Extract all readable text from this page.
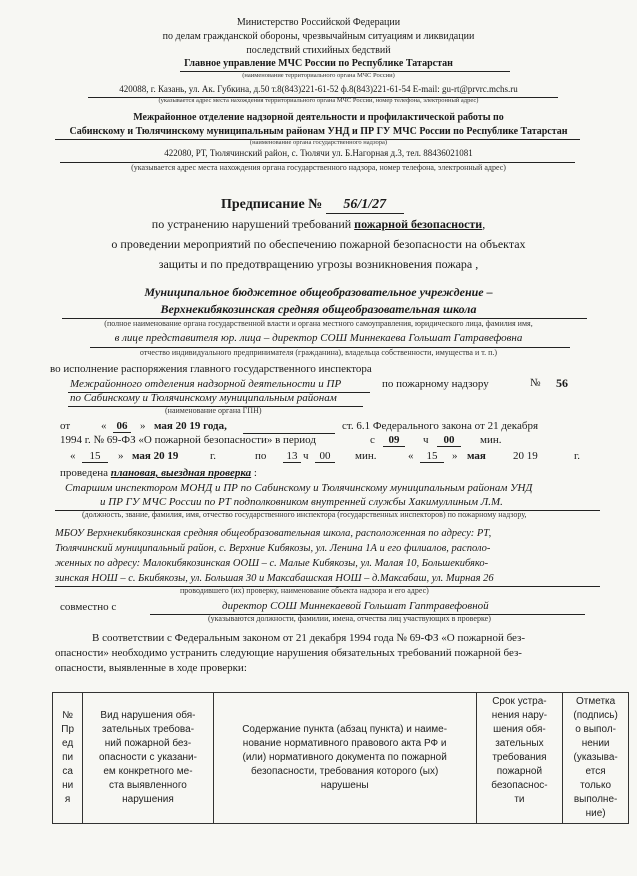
Министерство Российской Федерации
по делам гражданской обороны, чрезвычайным ситуациям и ликвидации
последствий стихийных бедствий
Главное управление МЧС России по Республике Татарстан
(наименование территориального органа МЧС России)
420088, г. Казань, ул. Ак. Губкина, д.50 т.8(843)221-61-52 ф.8(843)221-61-54 E-mail: gu-rt@prvrc.mchs.ru
(указывается адрес места нахождения территориального органа МЧС России, номер телефона, электронный адрес)
Межрайонное отделение надзорной деятельности и профилактической работы по
Сабинскому и Тюлячинскому муниципальным районам УНД и ПР ГУ МЧС России по Республике Татарстан
(наименование органа государственного надзора)
422080, РТ, Тюлячинский район, с. Тюлячи ул. Б.Нагорная д.3, тел. 88436021081
(указывается адрес места нахождения органа государственного надзора, номер телефона, электронный адрес)
Предписание № 56/1/27
по устранению нарушений требований пожарной безопасности,
о проведении мероприятий по обеспечению пожарной безопасности на объектах
защиты и по предотвращению угрозы возникновения пожара ,
Муниципальное бюджетное общеобразовательное учреждение –
Верхнекибякозинская средняя общеобразовательная школа
(полное наименование органа государственной власти и органа местного самоуправления, юридического лица, фамилия имя,
в лице представителя юр. лица – директор СОШ Миннекаева Гольшат Гатравефовна
отчество индивидуального предпринимателя (гражданина), владельца собственности, имущества и т. п.)
во исполнение распоряжения главного государственного инспектора
Межрайонного отделения надзорной деятельности и ПР	по пожарному надзору	№ 56
по Сабинскому и Тюлячинскому муниципальным районам
(наименование органа ГПН)
от	« 06	» мая 20 19 года,	ст. 6.1 Федерального закона от 21 декабря
1994 г. № 69-ФЗ «О пожарной безопасности» в период	с	09	ч	00	мин.
«	15	» мая 20 19	г.	по	13 ч 00	мин.	«	15	» мая 20 19	г.
проведена плановая, выездная проверка :
Старшим инспектором МОНД и ПР по Сабинскому и Тюлячинскому муниципальным районам УНД
и ПР ГУ МЧС России по РТ подполковником внутренней службы Хакимуллиным Л.М.
(должность, звание, фамилия, имя, отчество государственного инспектора (государственных инспекторов) по пожарному надзору,
МБОУ Верхнекибякозинская средняя общеобразовательная школа, расположенная по адресу: РТ,
Тюлячинский муниципальный район, с. Верхние Кибякозы, ул. Ленина 1А и его филиалов, располо-
женных по адресу: Малокибякозинская ООШ – с. Малые Кибякозы, ул. Малая 10, Большекибяко-
зинская НОШ – с. Бкибякозы, ул. Большая 30 и Максабашская НОШ – д.Максабаш, ул. Мирная 26
проводившего (их) проверку, наименование объекта надзора и его адрес)
совместно с	директор СОШ Миннекаевой Гольшат Гаптравефовной
(указываются должности, фамилии, имена, отчества лиц участвующих в проверке)
В соответствии с Федеральным законом от 21 декабря 1994 года № 69-ФЗ «О пожарной без-
опасности» необходимо устранить следующие нарушения обязательных требований пожарной без-
опасности, выявленные в ходе проверки:
№
Пр
ед
пи
са
ни
я

Вид нарушения обя-
зательных требова-
ний пожарной без-
опасности с указани-
ем конкретного ме-
ста выявленного
нарушения

Содержание пункта (абзац пункта) и наиме-
нование нормативного правового акта РФ и
(или) нормативного документа по пожарной
безопасности, требования которого (ых)
нарушены

Срок устра-
нения нару-
шения обя-
зательных
требования
пожарной
безопаснос-
ти

Отметка
(подпись)
о выпол-
нении
(указыва-
ется
только
выполне-
ние)
